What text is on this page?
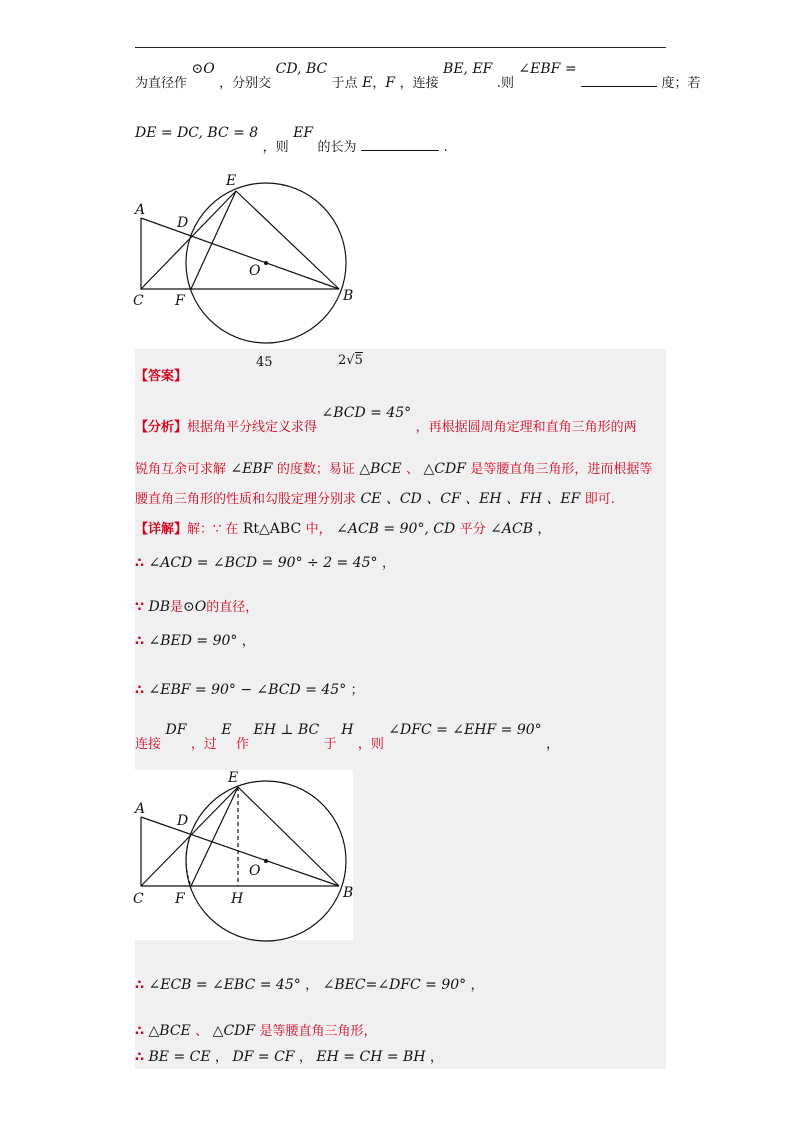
为直径作 ⊙O ，分别交 CD, BC 于点 E，F ，连接 BE, EF .则 ∠EBF =  度；若
DE = DC, BC = 8 ，则 EF 的长为	.
A
D
E
O
C F	B
【答案】
45	2√5
【分析】根据角平分线定义求得 ∠BCD = 45° ，再根据圆周角定理和直角三角形的两
锐角互余可求解 ∠EBF 的度数；易证 △BCE 、 △CDF 是等腰直角三角形，进而根据等
腰直角三角形的性质和勾股定理分别求 CE 、CD 、CF 、EH 、FH 、EF 即可.
【详解】解：∵ 在 Rt△ABC 中， ∠ACB = 90°, CD 平分 ∠ACB ，
∴ ∠ACD = ∠BCD = 90° ÷ 2 = 45° ，
∵ DB是⊙O的直径，
∴ ∠BED = 90° ，
∴ ∠EBF = 90° − ∠BCD = 45° ；
连接 DF ，过 E 作 EH ⊥ BC 于 H ，则 ∠DFC = ∠EHF = 90° ，
A
D
E
O
C F	H	B
∴ ∠ECB = ∠EBC = 45° ， ∠BEC=∠DFC = 90° ，
∴ △BCE 、 △CDF 是等腰直角三角形，
∴ BE = CE ， DF = CF ， EH = CH = BH ，
